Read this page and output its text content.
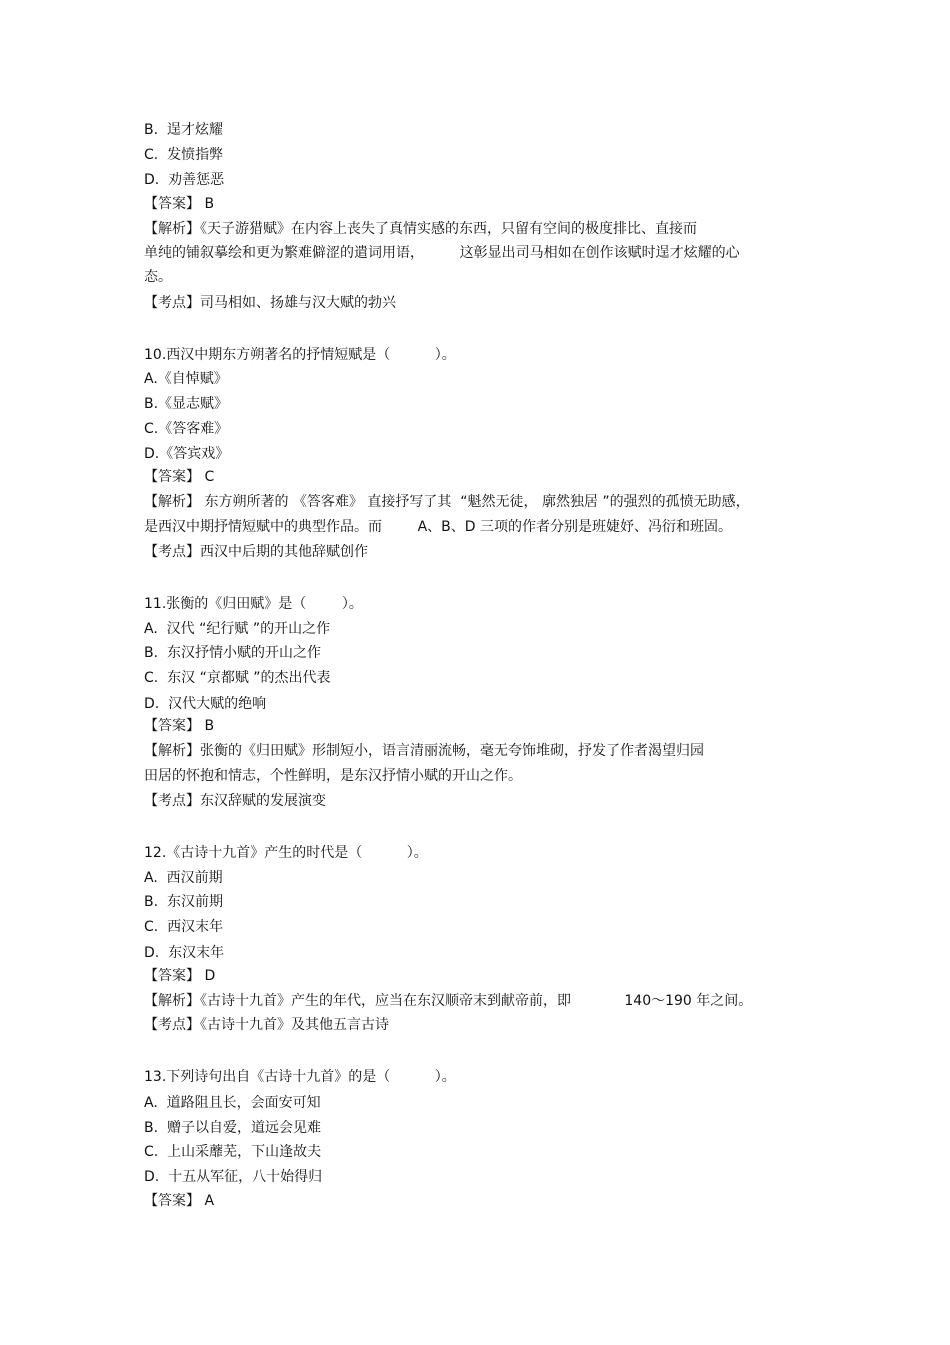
B.  逞才炫耀
C.  发愤指弊
D.  劝善惩恶
【答案】 B
【解析】《天子游猎赋》在内容上丧失了真情实感的东西，只留有空间的极度排比、直接而
单纯的铺叙摹绘和更为繁难僻涩的遣词用语，        这彰显出司马相如在创作该赋时逞才炫耀的心
态。
【考点】司马相如、扬雄与汉大赋的勃兴
10.西汉中期东方朔著名的抒情短赋是（          ）。
A.《自悼赋》
B.《显志赋》
C.《答客难》
D.《答宾戏》
【答案】 C
【解析】 东方朔所著的 《答客难》 直接抒写了其  “魁然无徒， 廓然独居 ”的强烈的孤愤无助感，
是西汉中期抒情短赋中的典型作品。而        A、B、D 三项的作者分别是班婕妤、冯衍和班固。
【考点】西汉中后期的其他辞赋创作
11.张衡的《归田赋》是（        ）。
A.  汉代 “纪行赋 ”的开山之作
B.  东汉抒情小赋的开山之作
C.  东汉 “京都赋 ”的杰出代表
D.  汉代大赋的绝响
【答案】 B
【解析】张衡的《归田赋》形制短小，语言清丽流畅，毫无夸饰堆砌，抒发了作者渴望归园
田居的怀抱和情志，个性鲜明，是东汉抒情小赋的开山之作。
【考点】东汉辞赋的发展演变
12.《古诗十九首》产生的时代是（          ）。
A.  西汉前期
B.  东汉前期
C.  西汉末年
D.  东汉末年
【答案】 D
【解析】《古诗十九首》产生的年代，应当在东汉顺帝末到献帝前，即            140～190 年之间。
【考点】《古诗十九首》及其他五言古诗
13.下列诗句出自《古诗十九首》的是（          ）。
A.  道路阻且长，会面安可知
B.  赠子以自爱，道远会见难
C.  上山采蘼芜，下山逢故夫
D.  十五从军征，八十始得归
【答案】 A
